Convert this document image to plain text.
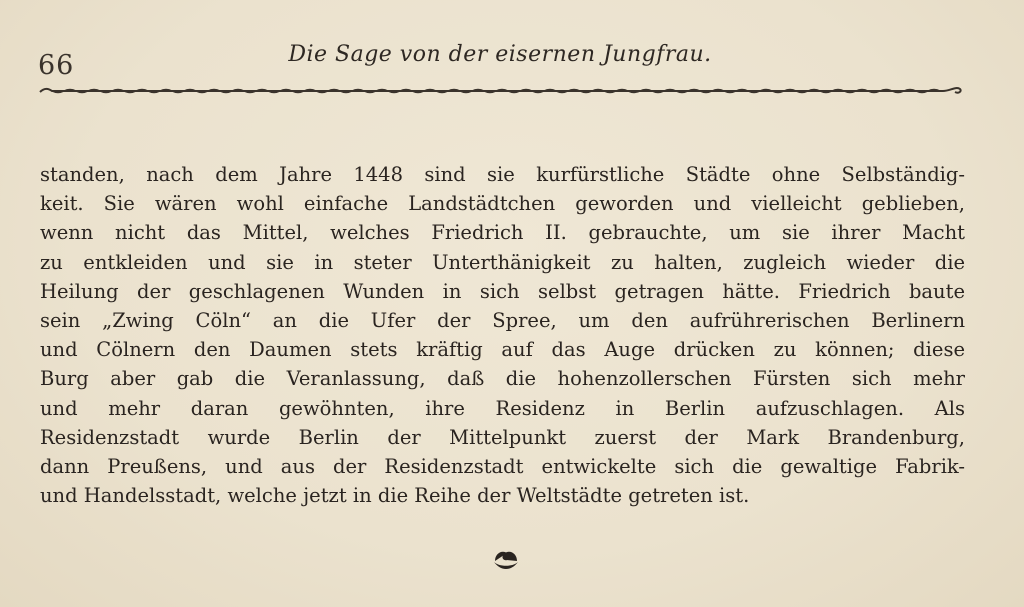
66	Die Sage von der eisernen Jungfrau.
standen, nach dem Jahre 1448 sind sie kurfürstliche Städte ohne Selbständig-
keit. Sie wären wohl einfache Landstädtchen geworden und vielleicht geblieben,
wenn nicht das Mittel, welches Friedrich II. gebrauchte, um sie ihrer Macht
zu entkleiden und sie in steter Unterthänigkeit zu halten, zugleich wieder die
Heilung der geschlagenen Wunden in sich selbst getragen hätte. Friedrich baute
sein „Zwing Cöln“ an die Ufer der Spree, um den aufrührerischen Berlinern
und Cölnern den Daumen stets kräftig auf das Auge drücken zu können; diese
Burg aber gab die Veranlassung, daß die hohenzollerschen Fürsten sich mehr
und mehr daran gewöhnten, ihre Residenz in Berlin aufzuschlagen. Als
Residenzstadt wurde Berlin der Mittelpunkt zuerst der Mark Brandenburg,
dann Preußens, und aus der Residenzstadt entwickelte sich die gewaltige Fabrik-
und Handelsstadt, welche jetzt in die Reihe der Weltstädte getreten ist.
